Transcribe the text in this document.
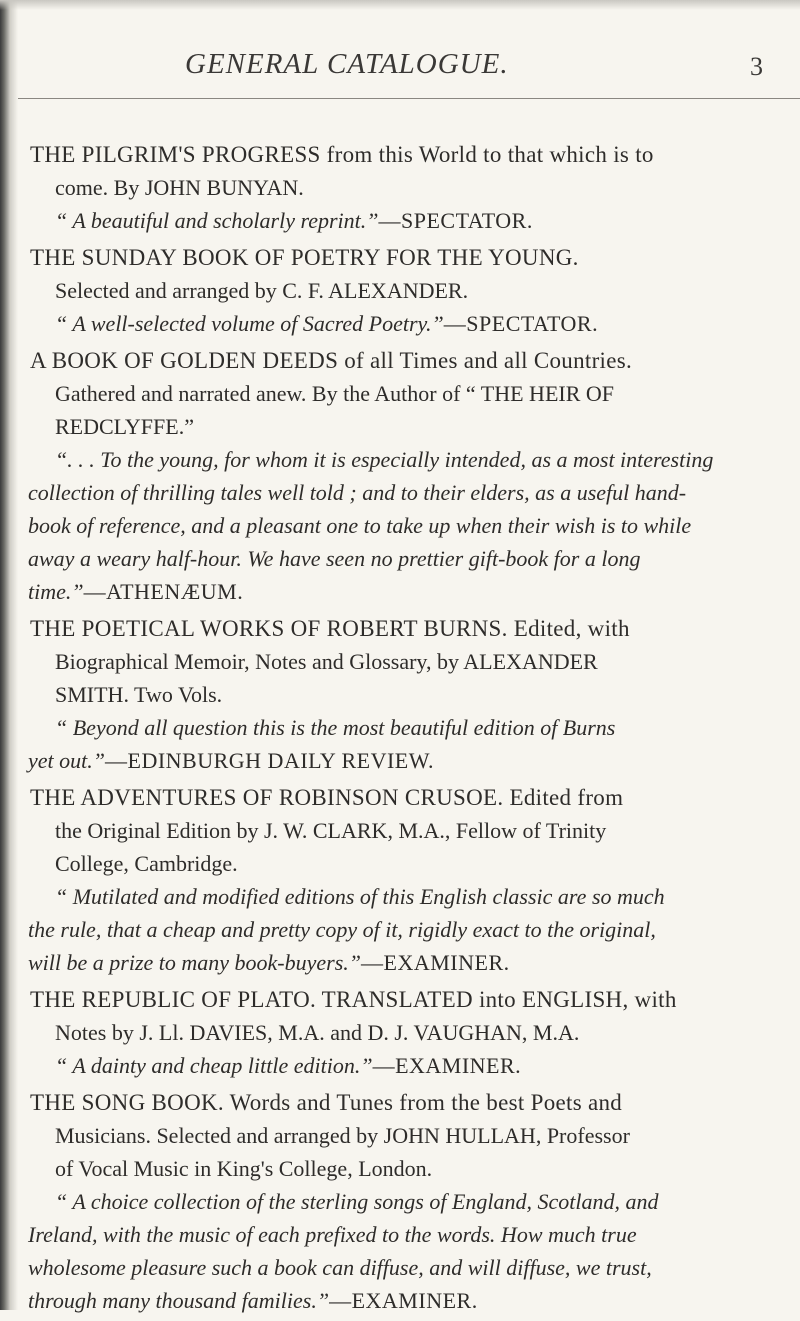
GENERAL CATALOGUE.	3
THE PILGRIM'S PROGRESS from this World to that which is to
come. By JOHN BUNYAN.
“ A beautiful and scholarly reprint.”—SPECTATOR.
THE SUNDAY BOOK OF POETRY FOR THE YOUNG.
Selected and arranged by C. F. ALEXANDER.
“ A well-selected volume of Sacred Poetry.”—SPECTATOR.
A BOOK OF GOLDEN DEEDS of all Times and all Countries.
Gathered and narrated anew. By the Author of “ THE HEIR OF
REDCLYFFE.”
“. . . To the young, for whom it is especially intended, as a most interesting
collection of thrilling tales well told ; and to their elders, as a useful hand-
book of reference, and a pleasant one to take up when their wish is to while
away a weary half-hour. We have seen no prettier gift-book for a long
time.”—ATHENÆUM.
THE POETICAL WORKS OF ROBERT BURNS. Edited, with
Biographical Memoir, Notes and Glossary, by ALEXANDER
SMITH. Two Vols.
“ Beyond all question this is the most beautiful edition of Burns
yet out.”—EDINBURGH DAILY REVIEW.
THE ADVENTURES OF ROBINSON CRUSOE. Edited from
the Original Edition by J. W. CLARK, M.A., Fellow of Trinity
College, Cambridge.
“ Mutilated and modified editions of this English classic are so much
the rule, that a cheap and pretty copy of it, rigidly exact to the original,
will be a prize to many book-buyers.”—EXAMINER.
THE REPUBLIC OF PLATO. TRANSLATED into ENGLISH, with
Notes by J. Ll. DAVIES, M.A. and D. J. VAUGHAN, M.A.
“ A dainty and cheap little edition.”—EXAMINER.
THE SONG BOOK. Words and Tunes from the best Poets and
Musicians. Selected and arranged by JOHN HULLAH, Professor
of Vocal Music in King's College, London.
“ A choice collection of the sterling songs of England, Scotland, and
Ireland, with the music of each prefixed to the words. How much true
wholesome pleasure such a book can diffuse, and will diffuse, we trust,
through many thousand families.”—EXAMINER.
